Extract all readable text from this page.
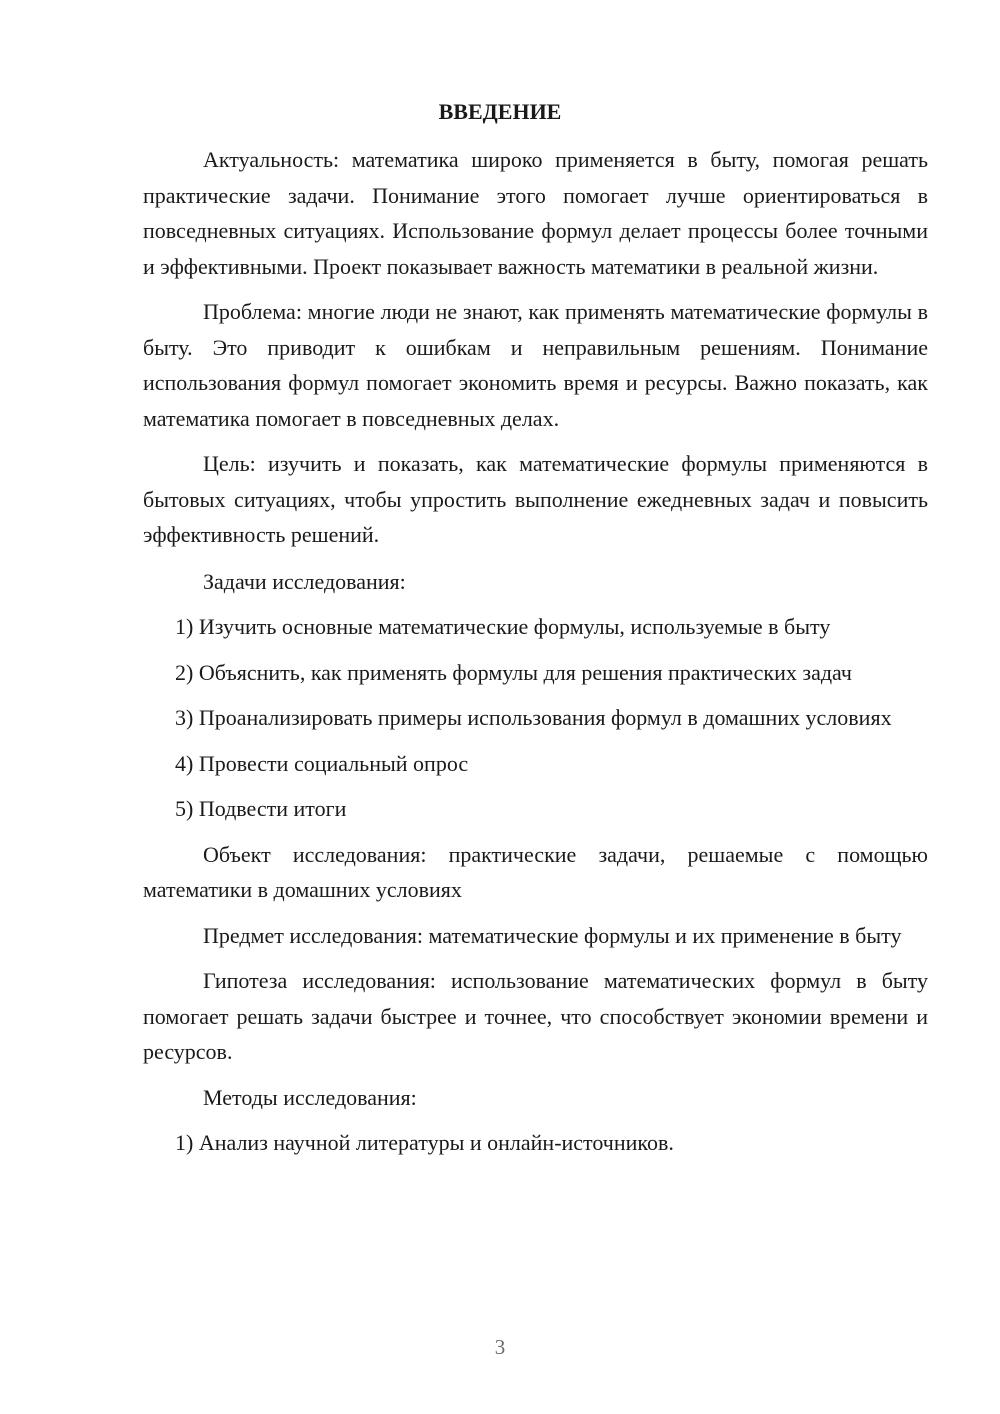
ВВЕДЕНИЕ

Актуальность: математика широко применяется в быту, помогая решать практические задачи. Понимание этого помогает лучше ориентироваться в повседневных ситуациях. Использование формул делает процессы более точными и эффективными. Проект показывает важность математики в реальной жизни.

Проблема: многие люди не знают, как применять математические формулы в быту. Это приводит к ошибкам и неправильным решениям. Понимание использования формул помогает экономить время и ресурсы. Важно показать, как математика помогает в повседневных делах.

Цель: изучить и показать, как математические формулы применяются в бытовых ситуациях, чтобы упростить выполнение ежедневных задач и повысить эффективность решений.

Задачи исследования:

1) Изучить основные математические формулы, используемые в быту

2) Объяснить, как применять формулы для решения практических задач

3) Проанализировать примеры использования формул в домашних условиях

4) Провести социальный опрос

5) Подвести итоги

Объект исследования: практические задачи, решаемые с помощью математики в домашних условиях

Предмет исследования: математические формулы и их применение в быту

Гипотеза исследования: использование математических формул в быту помогает решать задачи быстрее и точнее, что способствует экономии времени и ресурсов.

Методы исследования:

1) Анализ научной литературы и онлайн-источников.

3
